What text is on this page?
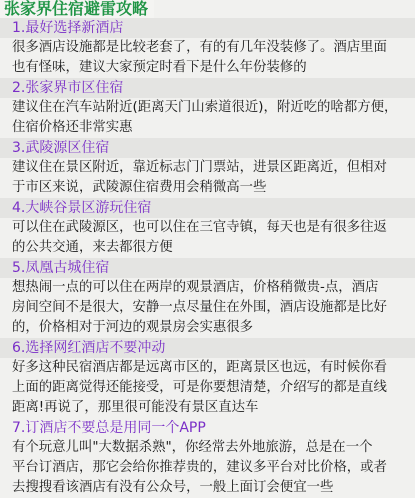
张家界住宿避雷攻略
1.最好选择新酒店
很多酒店设施都是比较老套了，有的有几年没装修了。酒店里面
也有怪味，建议大家预定时看下是什么年份装修的
2.张家界市区住宿
建议住在汽车站附近(距离天门山索道很近)，附近吃的啥都方便，
住宿价格还非常实惠
3.武陵源区住宿
建议住在景区附近，靠近标志门门票站，进景区距离近，但相对
于市区来说，武陵源住宿费用会稍微高一些
4.大峡谷景区游玩住宿
可以住在武陵源区，也可以住在三官寺镇，每天也是有很多往返
的公共交通，来去都很方便
5.凤凰古城住宿
想热闹一点的可以住在两岸的观景酒店，价格稍微贵-点，酒店
房间空间不是很大，安静一点尽量住在外围，酒店设施都是比好
的，价格相对于河边的观景房会实惠很多
6.选择网红酒店不要冲动
好多这种民宿酒店都是远离市区的，距离景区也远，有时候你看
上面的距离觉得还能接受，可是你要想清楚，介绍写的都是直线
距离!再说了，那里很可能没有景区直达车
7.订酒店不要总是用同一个APP
有个玩意儿叫"大数据杀熟"，你经常去外地旅游，总是在一个
平台订酒店，那它会给你推荐贵的，建议多平台对比价格，或者
去搜搜看该酒店有没有公众号，一般上面订会便宜一些
